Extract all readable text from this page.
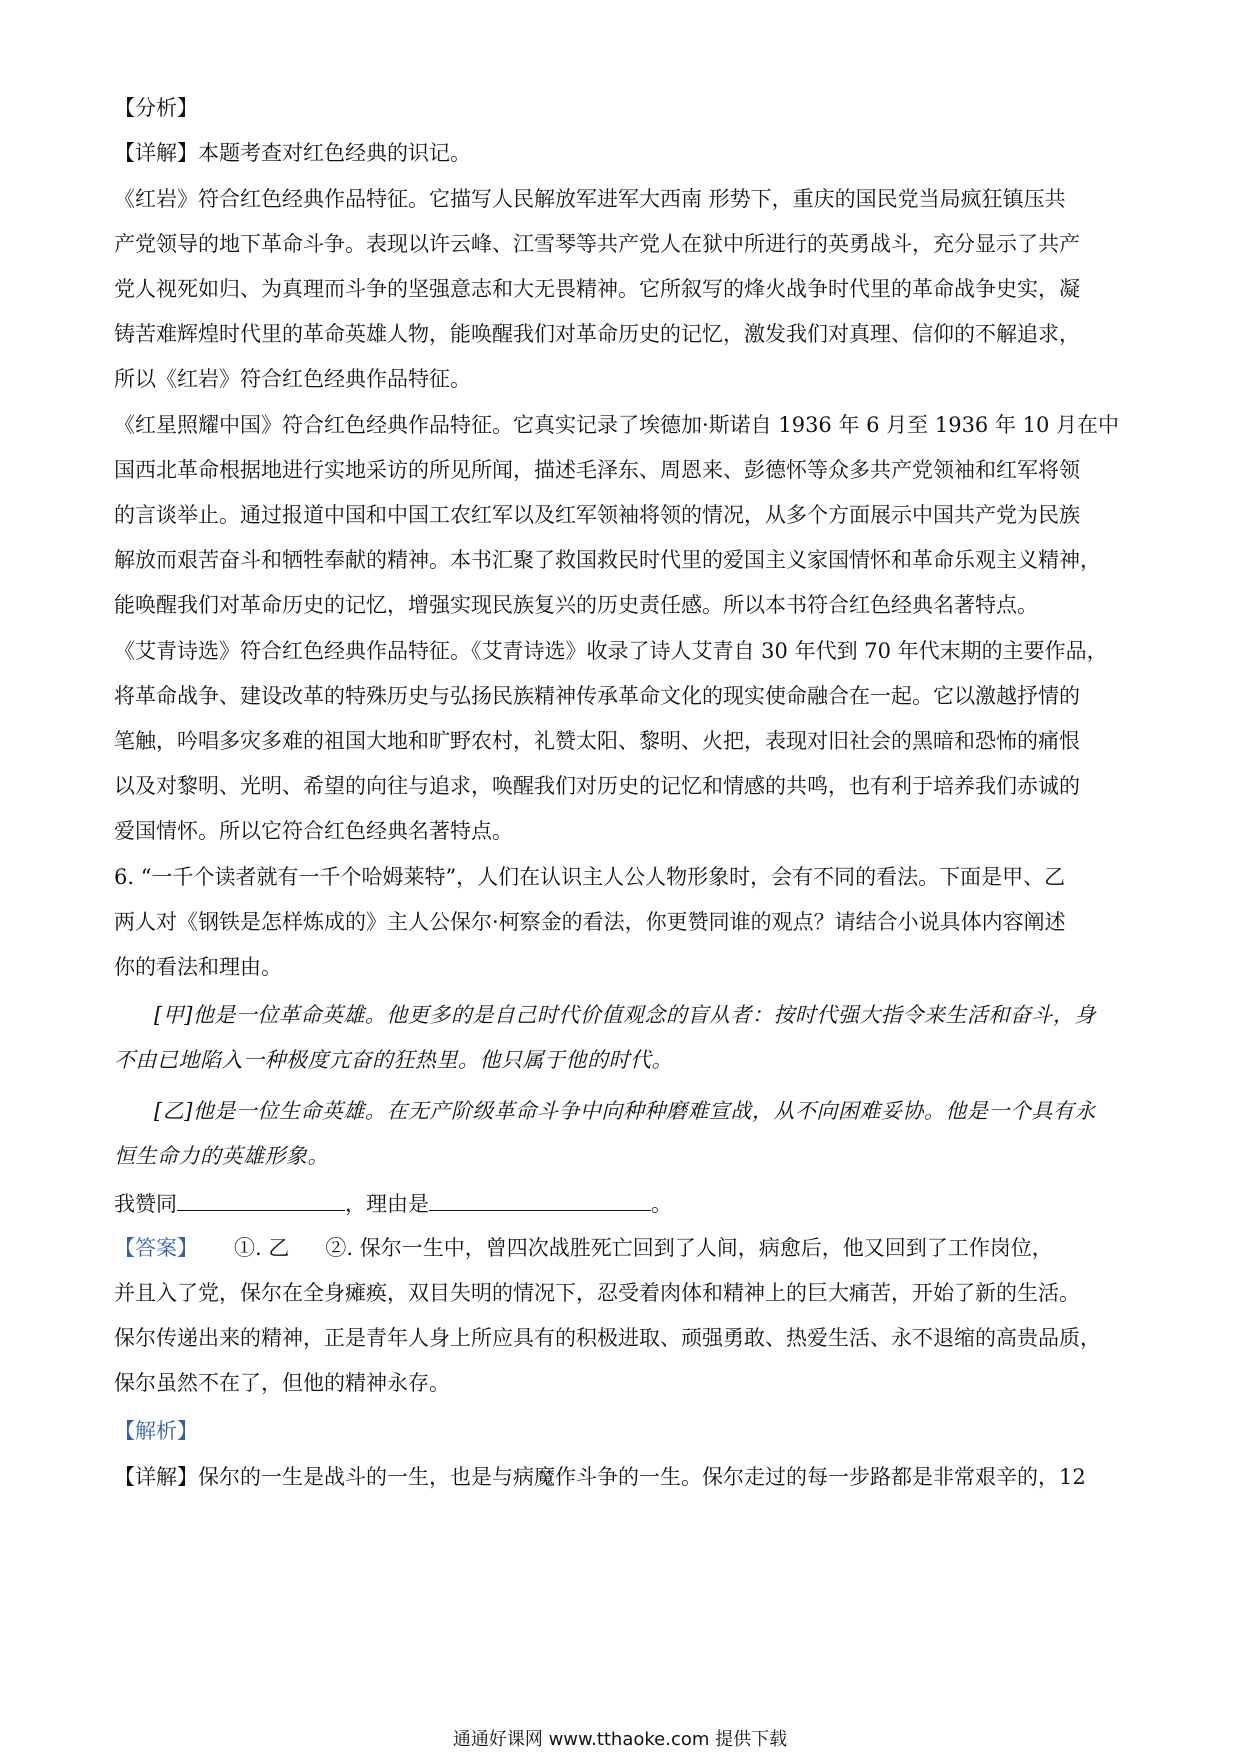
【分析】
【详解】本题考查对红色经典的识记。
《红岩》符合红色经典作品特征。它描写人民解放军进军大西南 形势下，重庆的国民党当局疯狂镇压共
产党领导的地下革命斗争。表现以许云峰、江雪琴等共产党人在狱中所进行的英勇战斗，充分显示了共产
党人视死如归、为真理而斗争的坚强意志和大无畏精神。它所叙写的烽火战争时代里的革命战争史实，凝
铸苦难辉煌时代里的革命英雄人物，能唤醒我们对革命历史的记忆，激发我们对真理、信仰的不解追求，
所以《红岩》符合红色经典作品特征。
《红星照耀中国》符合红色经典作品特征。它真实记录了埃德加·斯诺自 1936 年 6 月至 1936 年 10 月在中
国西北革命根据地进行实地采访的所见所闻，描述毛泽东、周恩来、彭德怀等众多共产党领袖和红军将领
的言谈举止。通过报道中国和中国工农红军以及红军领袖将领的情况，从多个方面展示中国共产党为民族
解放而艰苦奋斗和牺牲奉献的精神。本书汇聚了救国救民时代里的爱国主义家国情怀和革命乐观主义精神，
能唤醒我们对革命历史的记忆，增强实现民族复兴的历史责任感。所以本书符合红色经典名著特点。
《艾青诗选》符合红色经典作品特征。《艾青诗选》收录了诗人艾青自 30 年代到 70 年代末期的主要作品，
将革命战争、建设改革的特殊历史与弘扬民族精神传承革命文化的现实使命融合在一起。它以激越抒情的
笔触，吟唱多灾多难的祖国大地和旷野农村，礼赞太阳、黎明、火把，表现对旧社会的黑暗和恐怖的痛恨
以及对黎明、光明、希望的向往与追求，唤醒我们对历史的记忆和情感的共鸣，也有利于培养我们赤诚的
爱国情怀。所以它符合红色经典名著特点。
6. “一千个读者就有一千个哈姆莱特”，人们在认识主人公人物形象时，会有不同的看法。下面是甲、乙
两人对《钢铁是怎样炼成的》主人公保尔·柯察金的看法，你更赞同谁的观点？请结合小说具体内容阐述
你的看法和理由。
[甲]他是一位革命英雄。他更多的是自己时代价值观念的盲从者：按时代强大指令来生活和奋斗，身
不由已地陷入一种极度亢奋的狂热里。他只属于他的时代。
[乙]他是一位生命英雄。在无产阶级革命斗争中向种种磨难宣战，从不向困难妥协。他是一个具有永
恒生命力的英雄形象。
我赞同	，理由是	。
【答案】 ①. 乙 ②. 保尔一生中，曾四次战胜死亡回到了人间，病愈后，他又回到了工作岗位，
并且入了党，保尔在全身瘫痪，双目失明的情况下，忍受着肉体和精神上的巨大痛苦，开始了新的生活。
保尔传递出来的精神，正是青年人身上所应具有的积极进取、顽强勇敢、热爱生活、永不退缩的高贵品质，
保尔虽然不在了，但他的精神永存。
【解析】
【详解】保尔的一生是战斗的一生，也是与病魔作斗争的一生。保尔走过的每一步路都是非常艰辛的，12
通通好课网 www.tthaoke.com 提供下载
